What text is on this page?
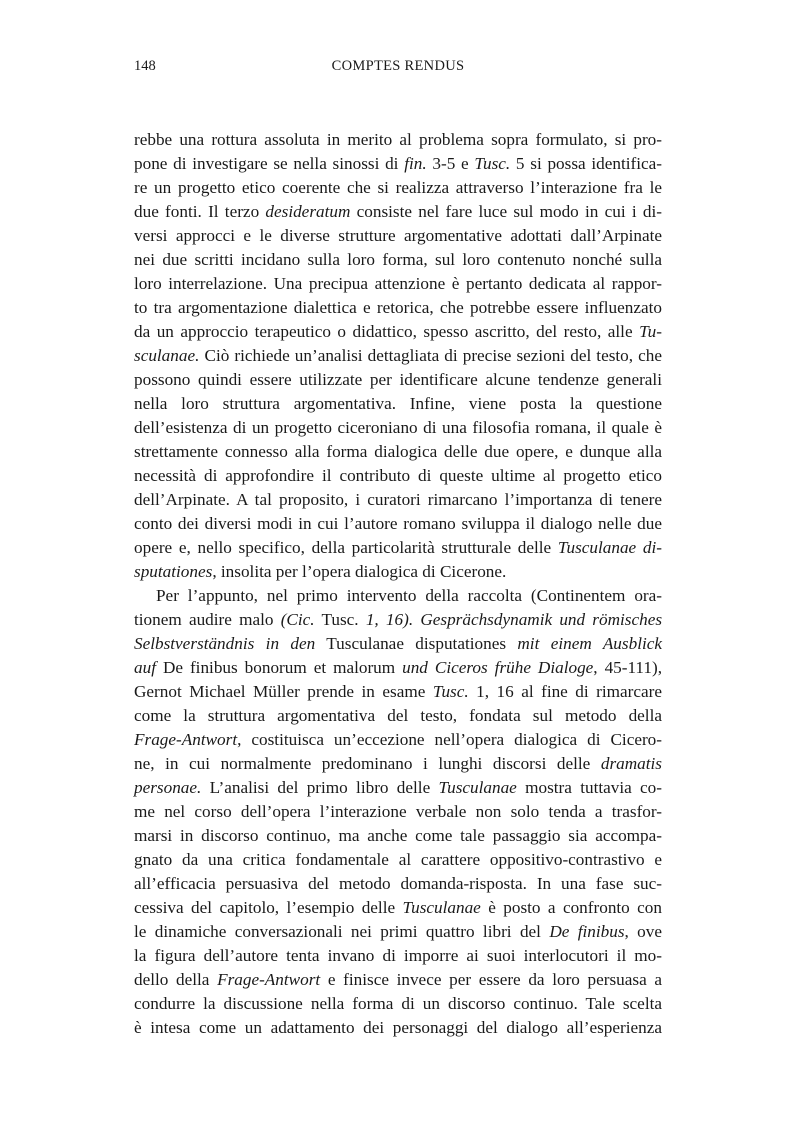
148	COMPTES RENDUS
rebbe una rottura assoluta in merito al problema sopra formulato, si pro-
pone di investigare se nella sinossi di fin. 3-5 e Tusc. 5 si possa identifica-
re un progetto etico coerente che si realizza attraverso l’interazione fra le
due fonti. Il terzo desideratum consiste nel fare luce sul modo in cui i di-
versi approcci e le diverse strutture argomentative adottati dall’Arpinate
nei due scritti incidano sulla loro forma, sul loro contenuto nonché sulla
loro interrelazione. Una precipua attenzione è pertanto dedicata al rappor-
to tra argomentazione dialettica e retorica, che potrebbe essere influenzato
da un approccio terapeutico o didattico, spesso ascritto, del resto, alle Tu-
sculanae. Ciò richiede un’analisi dettagliata di precise sezioni del testo, che
possono quindi essere utilizzate per identificare alcune tendenze generali
nella loro struttura argomentativa. Infine, viene posta la questione
dell’esistenza di un progetto ciceroniano di una filosofia romana, il quale è
strettamente connesso alla forma dialogica delle due opere, e dunque alla
necessità di approfondire il contributo di queste ultime al progetto etico
dell’Arpinate. A tal proposito, i curatori rimarcano l’importanza di tenere
conto dei diversi modi in cui l’autore romano sviluppa il dialogo nelle due
opere e, nello specifico, della particolarità strutturale delle Tusculanae di-
sputationes, insolita per l’opera dialogica di Cicerone.
Per l’appunto, nel primo intervento della raccolta (Continentem ora-
tionem audire malo (Cic. Tusc. 1, 16). Gesprächsdynamik und römisches
Selbstverständnis in den Tusculanae disputationes mit einem Ausblick
auf De finibus bonorum et malorum und Ciceros frühe Dialoge, 45-111),
Gernot Michael Müller prende in esame Tusc. 1, 16 al fine di rimarcare
come la struttura argomentativa del testo, fondata sul metodo della
Frage-Antwort, costituisca un’eccezione nell’opera dialogica di Cicero-
ne, in cui normalmente predominano i lunghi discorsi delle dramatis
personae. L’analisi del primo libro delle Tusculanae mostra tuttavia co-
me nel corso dell’opera l’interazione verbale non solo tenda a trasfor-
marsi in discorso continuo, ma anche come tale passaggio sia accompa-
gnato da una critica fondamentale al carattere oppositivo-contrastivo e
all’efficacia persuasiva del metodo domanda-risposta. In una fase suc-
cessiva del capitolo, l’esempio delle Tusculanae è posto a confronto con
le dinamiche conversazionali nei primi quattro libri del De finibus, ove
la figura dell’autore tenta invano di imporre ai suoi interlocutori il mo-
dello della Frage-Antwort e finisce invece per essere da loro persuasa a
condurre la discussione nella forma di un discorso continuo. Tale scelta
è intesa come un adattamento dei personaggi del dialogo all’esperienza
